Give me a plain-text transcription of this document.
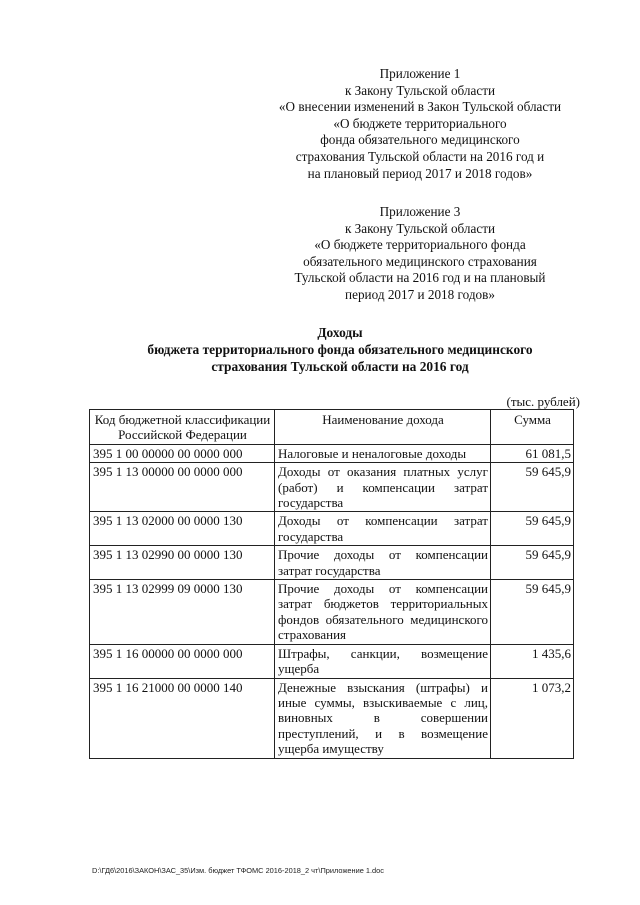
Приложение 1
к Закону Тульской области
«О внесении изменений в Закон Тульской области
«О бюджете территориального
фонда обязательного медицинского
страхования Тульской области на 2016 год и
на плановый период 2017 и 2018 годов»
Приложение 3
к Закону Тульской области
«О бюджете территориального фонда
обязательного медицинского страхования
Тульской области на 2016 год и на плановый
период 2017 и 2018 годов»
Доходы
бюджета территориального фонда обязательного медицинского
страхования Тульской области на 2016 год
(тыс. рублей)
Код бюджетной классификации Российской Федерации	Наименование дохода	Сумма
395 1 00 00000 00 0000 000	Налоговые и неналоговые доходы	61 081,5
395 1 13 00000 00 0000 000	Доходы от оказания платных услуг (работ) и компенсации затрат государства	59 645,9
395 1 13 02000 00 0000 130	Доходы от компенсации затрат государства	59 645,9
395 1 13 02990 00 0000 130	Прочие доходы от компенсации затрат государства	59 645,9
395 1 13 02999 09 0000 130	Прочие доходы от компенсации затрат бюджетов территориальных фондов обязательного медицинского страхования	59 645,9
395 1 16 00000 00 0000 000	Штрафы, санкции, возмещение ущерба	1 435,6
395 1 16 21000 00 0000 140	Денежные взыскания (штрафы) и иные суммы, взыскиваемые с лиц, виновных в совершении преступлений, и в возмещение ущерба имуществу	1 073,2
D:\ГД6\2016\ЗАКОН\ЗАС_35\Изм. бюджет ТФОМС 2016-2018_2 чт\Приложение 1.doc
